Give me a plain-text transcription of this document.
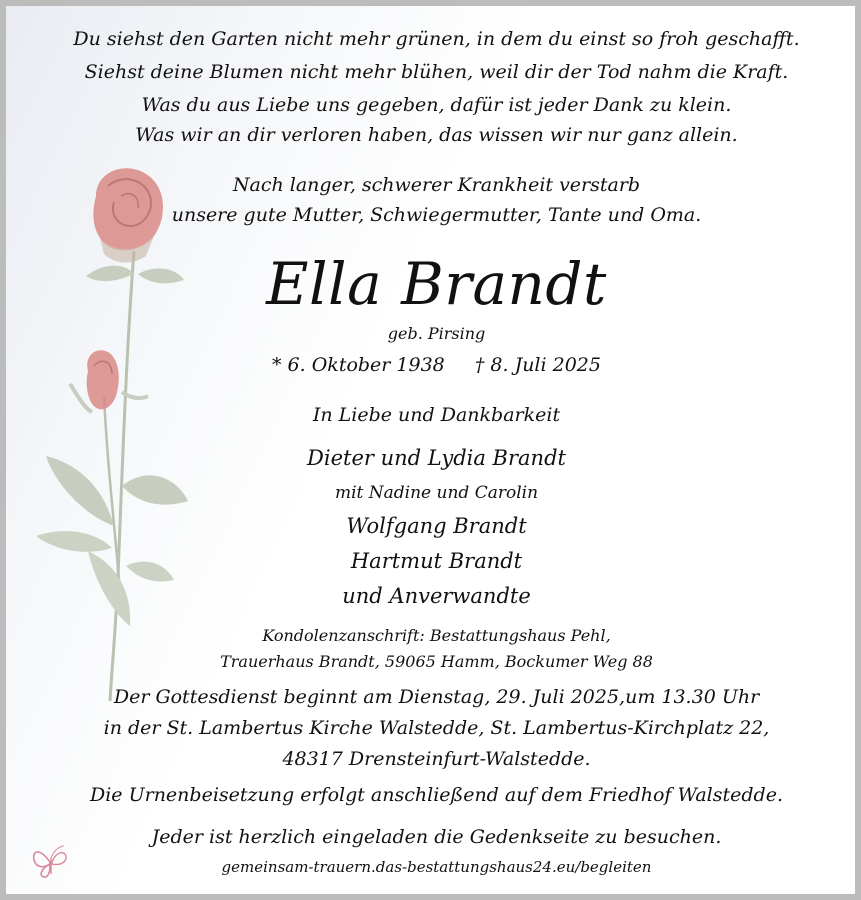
Du siehst den Garten nicht mehr grünen, in dem du einst so froh geschafft.
Siehst deine Blumen nicht mehr blühen, weil dir der Tod nahm die Kraft.
Was du aus Liebe uns gegeben, dafür ist jeder Dank zu klein.
Was wir an dir verloren haben, das wissen wir nur ganz allein.
Nach langer, schwerer Krankheit verstarb
unsere gute Mutter, Schwiegermutter, Tante und Oma.
Ella Brandt
geb. Pirsing
* 6. Oktober 1938 † 8. Juli 2025
In Liebe und Dankbarkeit
Dieter und Lydia Brandt
mit Nadine und Carolin
Wolfgang Brandt
Hartmut Brandt
und Anverwandte
Kondolenzanschrift: Bestattungshaus Pehl,
Trauerhaus Brandt, 59065 Hamm, Bockumer Weg 88
Der Gottesdienst beginnt am Dienstag, 29. Juli 2025,um 13.30 Uhr
in der St. Lambertus Kirche Walstedde, St. Lambertus-Kirchplatz 22,
48317 Drensteinfurt-Walstedde.
Die Urnenbeisetzung erfolgt anschließend auf dem Friedhof Walstedde.
Jeder ist herzlich eingeladen die Gedenkseite zu besuchen.
gemeinsam-trauern.das-bestattungshaus24.eu/begleiten
